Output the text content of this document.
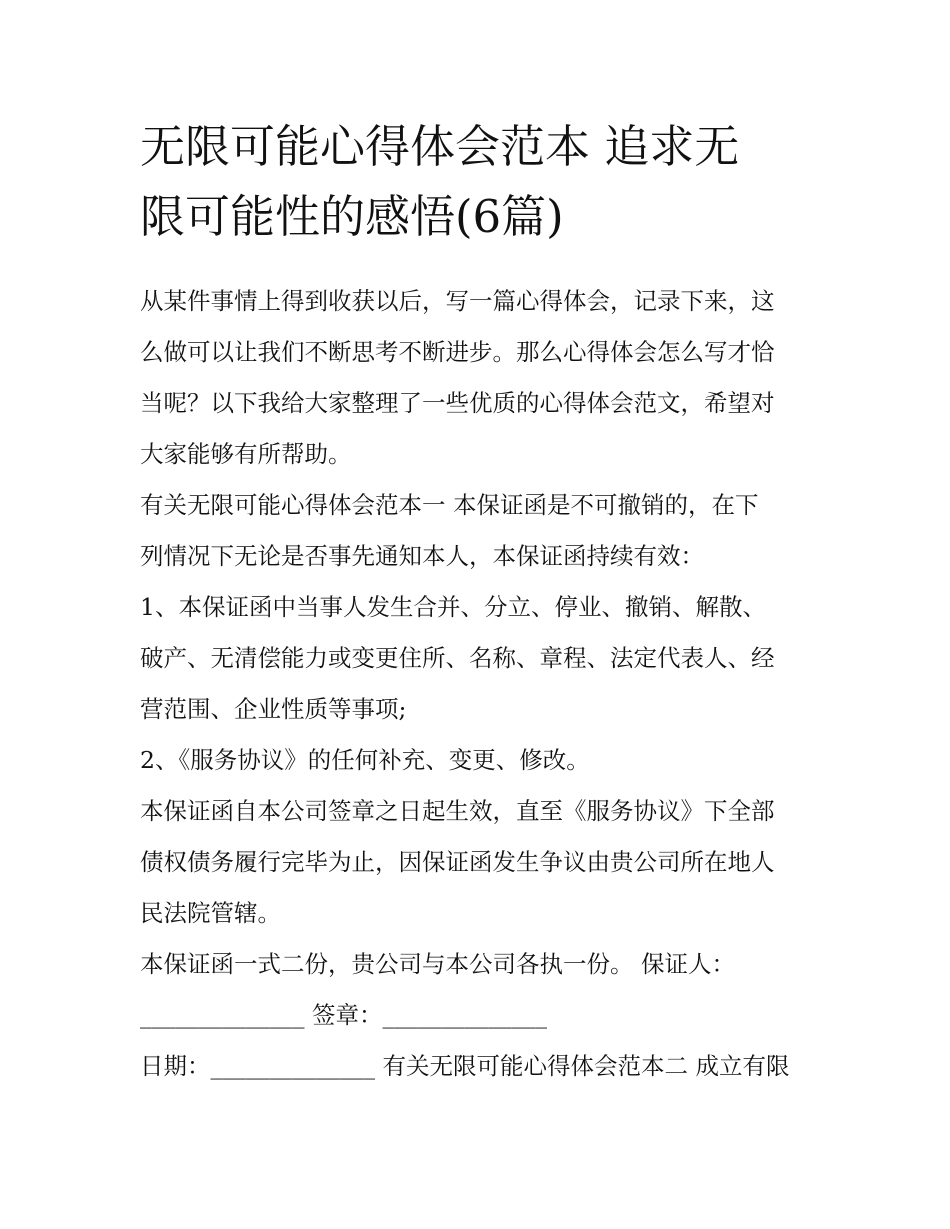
无限可能心得体会范本 追求无
限可能性的感悟(6篇)
从某件事情上得到收获以后，写一篇心得体会，记录下来，这
么做可以让我们不断思考不断进步。那么心得体会怎么写才恰
当呢？以下我给大家整理了一些优质的心得体会范文，希望对
大家能够有所帮助。
有关无限可能心得体会范本一 本保证函是不可撤销的，在下
列情况下无论是否事先通知本人，本保证函持续有效：
1、本保证函中当事人发生合并、分立、停业、撤销、解散、
破产、无清偿能力或变更住所、名称、章程、法定代表人、经
营范围、企业性质等事项;
2、《服务协议》的任何补充、变更、修改。
本保证函自本公司签章之日起生效，直至《服务协议》下全部
债权债务履行完毕为止，因保证函发生争议由贵公司所在地人
民法院管辖。
本保证函一式二份，贵公司与本公司各执一份。 保证人：
______________ 签章：______________
日期：______________ 有关无限可能心得体会范本二 成立有限
